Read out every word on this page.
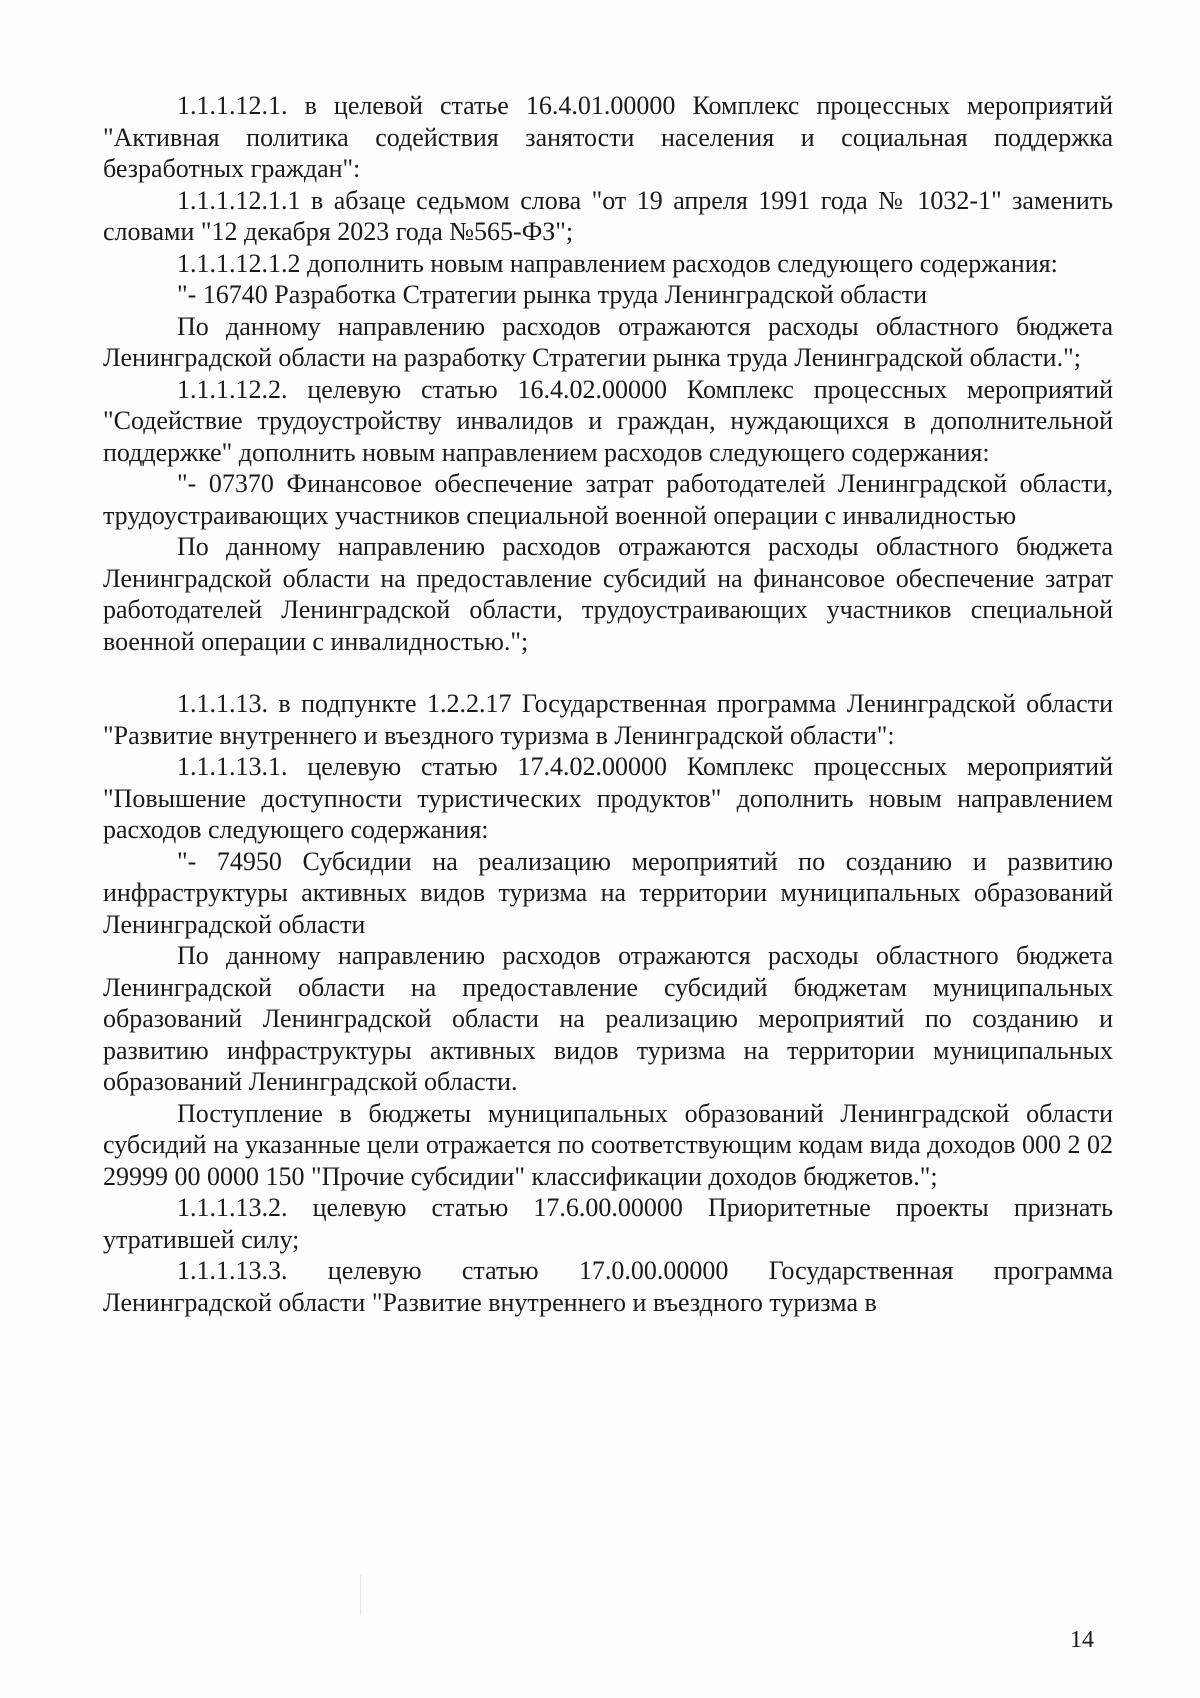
1.1.1.12.1. в целевой статье 16.4.01.00000 Комплекс процессных мероприятий "Активная политика содействия занятости населения и социальная поддержка безработных граждан":

1.1.1.12.1.1 в абзаце седьмом слова "от 19 апреля 1991 года № 1032-1" заменить словами "12 декабря 2023 года №565-ФЗ";

1.1.1.12.1.2 дополнить новым направлением расходов следующего содержания:

"- 16740 Разработка Стратегии рынка труда Ленинградской области

По данному направлению расходов отражаются расходы областного бюджета Ленинградской области на разработку Стратегии рынка труда Ленинградской области.";

1.1.1.12.2. целевую статью 16.4.02.00000 Комплекс процессных мероприятий "Содействие трудоустройству инвалидов и граждан, нуждающихся в дополнительной поддержке" дополнить новым направлением расходов следующего содержания:

"- 07370 Финансовое обеспечение затрат работодателей Ленинградской области, трудоустраивающих участников специальной военной операции с инвалидностью

По данному направлению расходов отражаются расходы областного бюджета Ленинградской области на предоставление субсидий на финансовое обеспечение затрат работодателей Ленинградской области, трудоустраивающих участников специальной военной операции с инвалидностью.";

1.1.1.13. в подпункте 1.2.2.17 Государственная программа Ленинградской области "Развитие внутреннего и въездного туризма в Ленинградской области":

1.1.1.13.1. целевую статью 17.4.02.00000 Комплекс процессных мероприятий "Повышение доступности туристических продуктов" дополнить новым направлением расходов следующего содержания:

"- 74950 Субсидии на реализацию мероприятий по созданию и развитию инфраструктуры активных видов туризма на территории муниципальных образований Ленинградской области

По данному направлению расходов отражаются расходы областного бюджета Ленинградской области на предоставление субсидий бюджетам муниципальных образований Ленинградской области на реализацию мероприятий по созданию и развитию инфраструктуры активных видов туризма на территории муниципальных образований Ленинградской области.

Поступление в бюджеты муниципальных образований Ленинградской области субсидий на указанные цели отражается по соответствующим кодам вида доходов 000 2 02 29999 00 0000 150 "Прочие субсидии" классификации доходов бюджетов.";

1.1.1.13.2. целевую статью 17.6.00.00000 Приоритетные проекты признать утратившей силу;

1.1.1.13.3. целевую статью 17.0.00.00000 Государственная программа Ленинградской области "Развитие внутреннего и въездного туризма в

14
